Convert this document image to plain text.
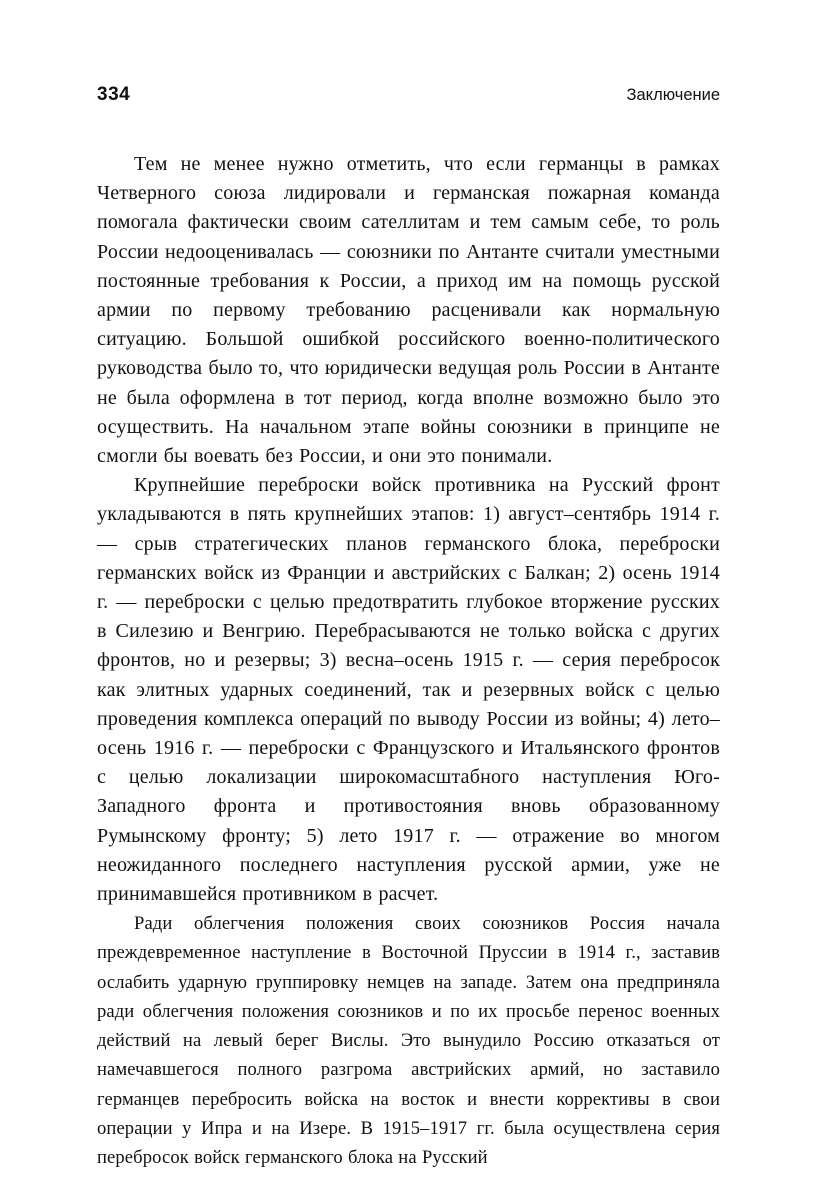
334	Заключение

Тем не менее нужно отметить, что если германцы в рамках Четверного союза лидировали и германская пожарная команда помогала фактически своим сателлитам и тем самым себе, то роль России недооценивалась — союзники по Антанте считали уместными постоянные требования к России, а приход им на помощь русской армии по первому требованию расценивали как нормальную ситуацию. Большой ошибкой российского военно-политического руководства было то, что юридически ведущая роль России в Антанте не была оформлена в тот период, когда вполне возможно было это осуществить. На начальном этапе войны союзники в принципе не смогли бы воевать без России, и они это понимали.

Крупнейшие переброски войск противника на Русский фронт укладываются в пять крупнейших этапов: 1) август–сентябрь 1914 г. — срыв стратегических планов германского блока, переброски германских войск из Франции и австрийских с Балкан; 2) осень 1914 г. — переброски с целью предотвратить глубокое вторжение русских в Силезию и Венгрию. Перебрасываются не только войска с других фронтов, но и резервы; 3) весна–осень 1915 г. — серия перебросок как элитных ударных соединений, так и резервных войск с целью проведения комплекса операций по выводу России из войны; 4) лето–осень 1916 г. — переброски с Французского и Итальянского фронтов с целью локализации широкомасштабного наступления Юго-Западного фронта и противостояния вновь образованному Румынскому фронту; 5) лето 1917 г. — отражение во многом неожиданного последнего наступления русской армии, уже не принимавшейся противником в расчет.

Ради облегчения положения своих союзников Россия начала преждевременное наступление в Восточной Пруссии в 1914 г., заставив ослабить ударную группировку немцев на западе. Затем она предприняла ради облегчения положения союзников и по их просьбе перенос военных действий на левый берег Вислы. Это вынудило Россию отказаться от намечавшегося полного разгрома австрийских армий, но заставило германцев перебросить войска на восток и внести коррективы в свои операции у Ипра и на Изере. В 1915–1917 гг. была осуществлена серия перебросок войск германского блока на Русский
